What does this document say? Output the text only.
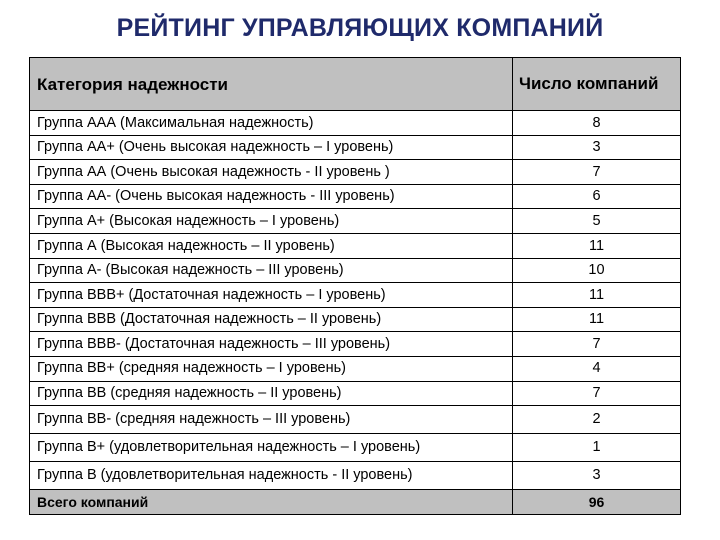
РЕЙТИНГ УПРАВЛЯЮЩИХ КОМПАНИЙ
Категория надежности	Число компаний
Группа ААА (Максимальная надежность)	8
Группа АА+ (Очень высокая надежность – I уровень)	3
Группа АА (Очень высокая надежность - II уровень )	7
Группа АА- (Очень высокая надежность - III уровень)	6
Группа А+ (Высокая надежность – I уровень)	5
Группа А (Высокая надежность – II уровень)	11
Группа А- (Высокая надежность – III уровень)	10
Группа ВВВ+ (Достаточная надежность – I уровень)	11
Группа ВВВ (Достаточная надежность – II уровень)	11
Группа ВВВ- (Достаточная надежность – III уровень)	7
Группа ВВ+ (средняя надежность – I уровень)	4
Группа ВВ (средняя надежность – II уровень)	7
Группа ВВ- (средняя надежность – III уровень)	2
Группа В+ (удовлетворительная надежность – I уровень)	1
Группа В (удовлетворительная надежность - II уровень)	3
Всего компаний	96
